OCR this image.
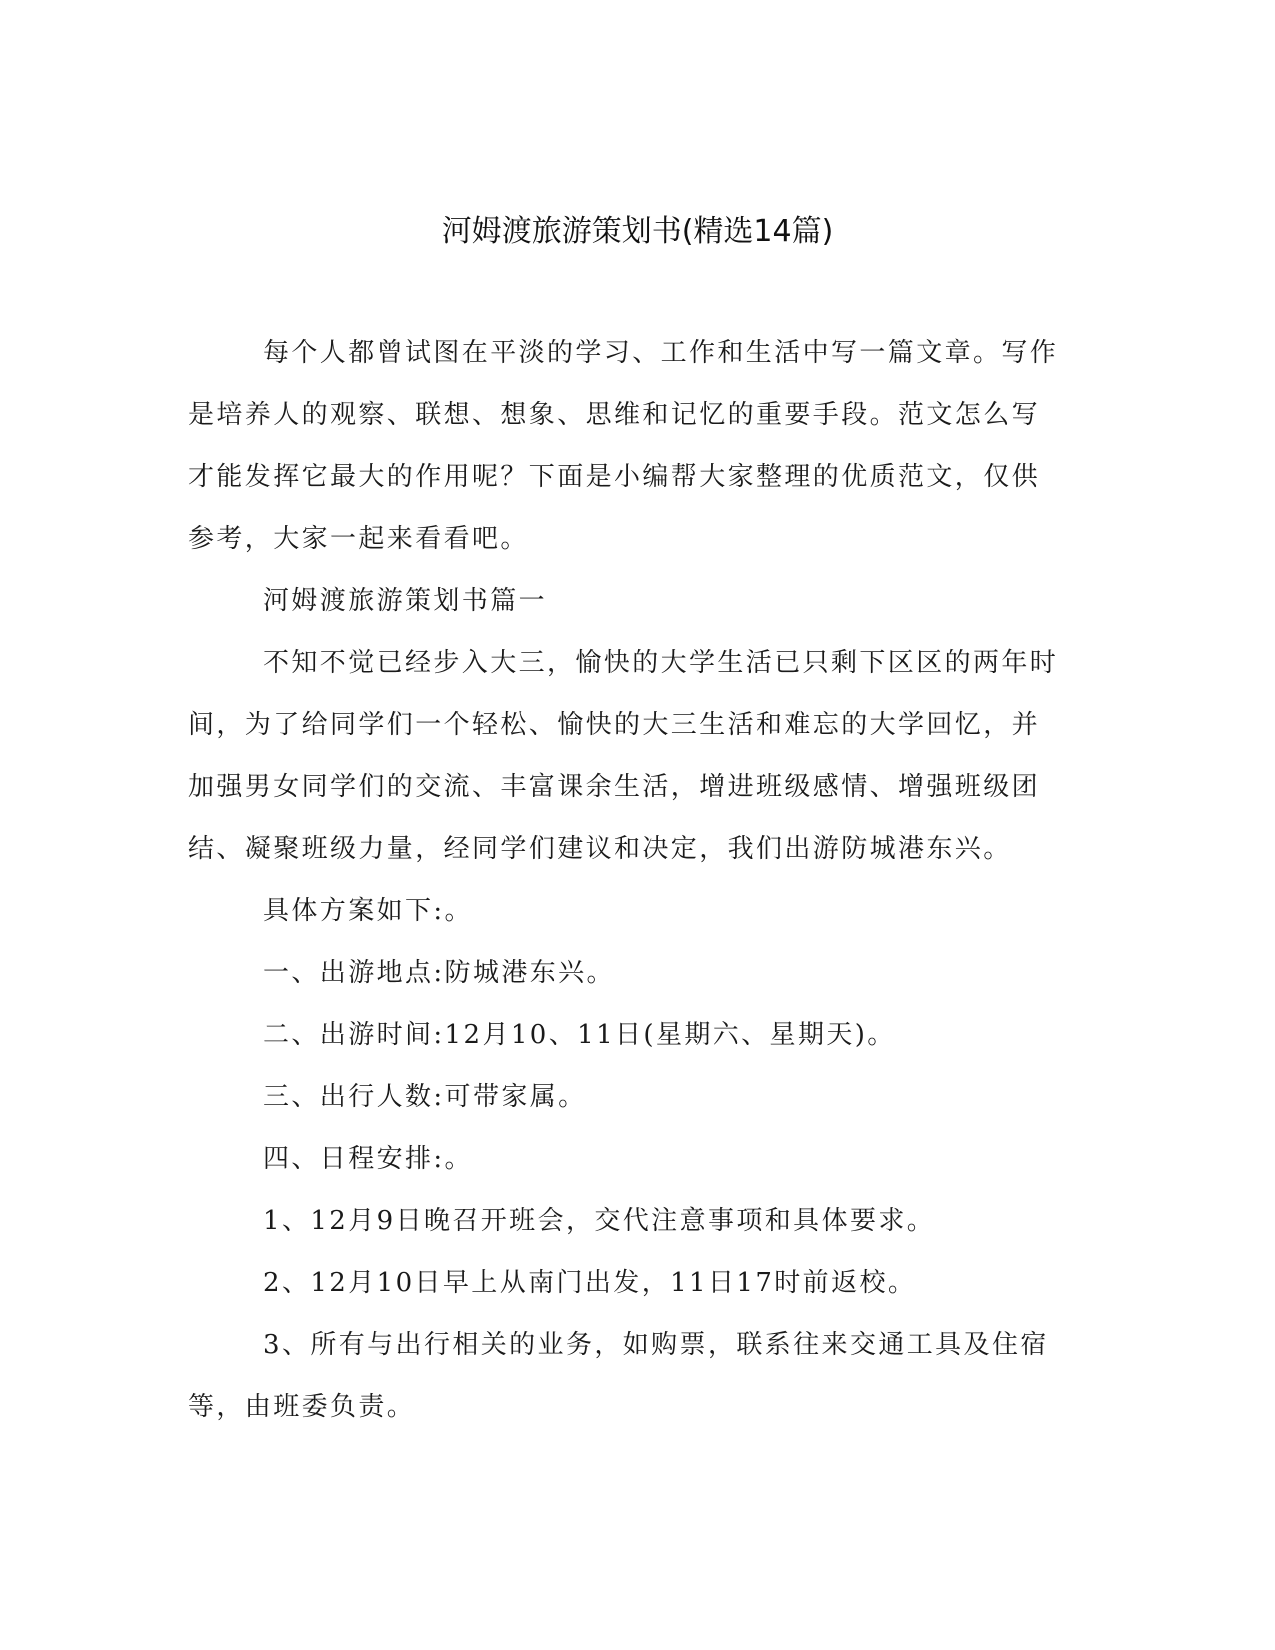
河姆渡旅游策划书(精选14篇)

每个人都曾试图在平淡的学习、工作和生活中写一篇文章。写作是培养人的观察、联想、想象、思维和记忆的重要手段。范文怎么写才能发挥它最大的作用呢？下面是小编帮大家整理的优质范文，仅供参考，大家一起来看看吧。

河姆渡旅游策划书篇一

不知不觉已经步入大三，愉快的大学生活已只剩下区区的两年时间，为了给同学们一个轻松、愉快的大三生活和难忘的大学回忆，并加强男女同学们的交流、丰富课余生活，增进班级感情、增强班级团结、凝聚班级力量，经同学们建议和决定，我们出游防城港东兴。

具体方案如下:。

一、出游地点:防城港东兴。

二、出游时间:12月10、11日(星期六、星期天)。

三、出行人数:可带家属。

四、日程安排:。

1、12月9日晚召开班会，交代注意事项和具体要求。

2、12月10日早上从南门出发，11日17时前返校。

3、所有与出行相关的业务，如购票，联系往来交通工具及住宿等，由班委负责。
